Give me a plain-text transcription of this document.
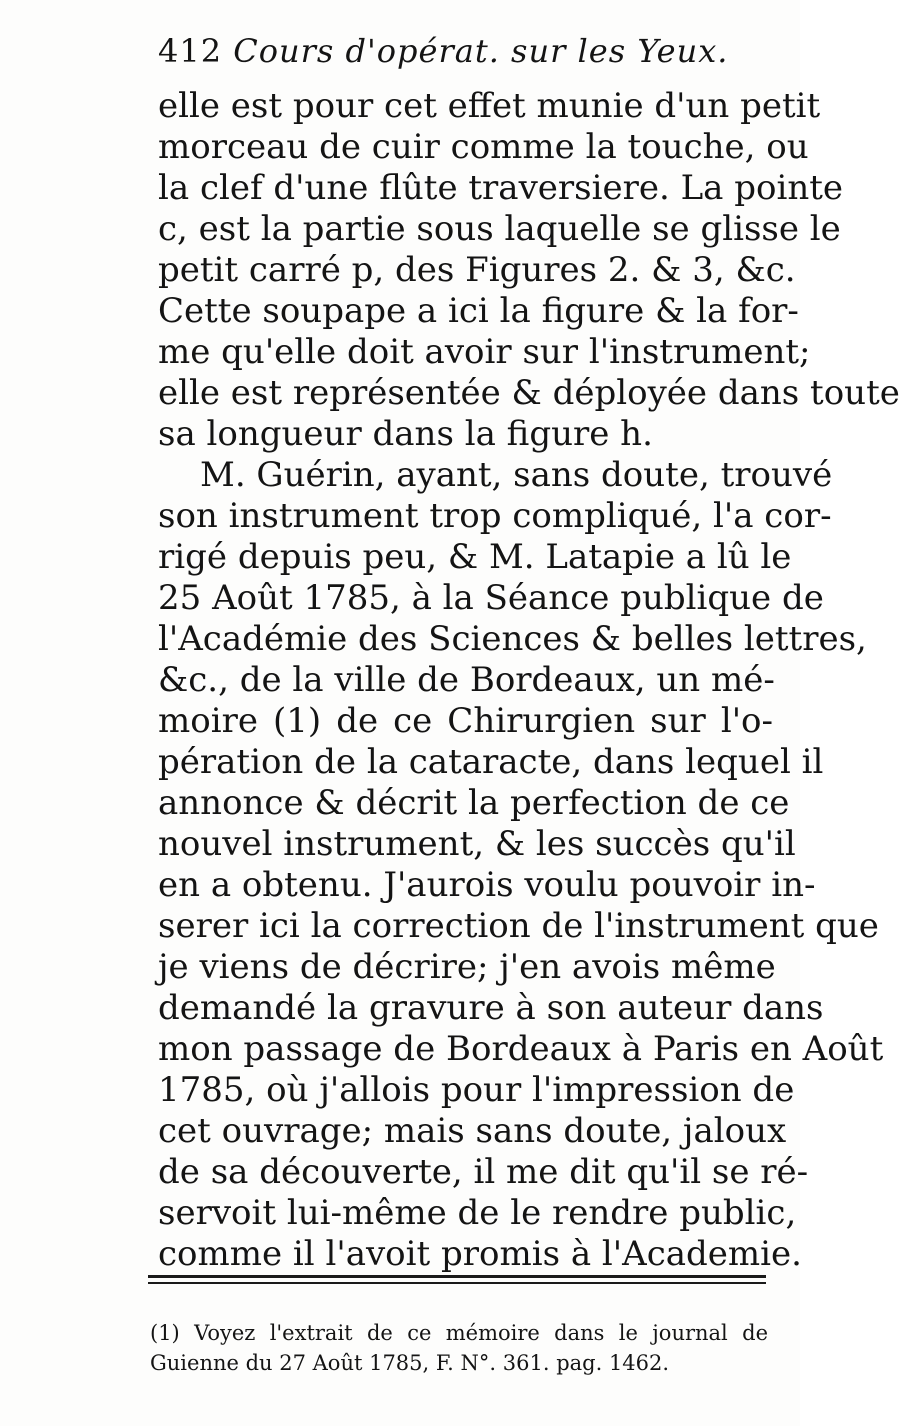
412 Cours d'opérat. sur les Yeux.
elle est pour cet effet munie d'un petit
morceau de cuir comme la touche, ou
la clef d'une flûte traversiere. La pointe
c, est la partie sous laquelle se glisse le
petit carré p, des Figures 2. & 3, &c.
Cette soupape a ici la figure & la for-
me qu'elle doit avoir sur l'instrument;
elle est représentée & déployée dans toute
sa longueur dans la figure h.
M. Guérin, ayant, sans doute, trouvé
son instrument trop compliqué, l'a cor-
rigé depuis peu, & M. Latapie a lû le
25 Août 1785, à la Séance publique de
l'Académie des Sciences & belles lettres,
&c., de la ville de Bordeaux, un mé-
moire (1) de ce Chirurgien sur l'o-
pération de la cataracte, dans lequel il
annonce & décrit la perfection de ce
nouvel instrument, & les succès qu'il
en a obtenu. J'aurois voulu pouvoir in-
serer ici la correction de l'instrument que
je viens de décrire; j'en avois même
demandé la gravure à son auteur dans
mon passage de Bordeaux à Paris en Août
1785, où j'allois pour l'impression de
cet ouvrage; mais sans doute, jaloux
de sa découverte, il me dit qu'il se ré-
servoit lui-même de le rendre public,
comme il l'avoit promis à l'Academie.
(1) Voyez l'extrait de ce mémoire dans le journal de
Guienne du 27 Août 1785, F. N°. 361. pag. 1462.
